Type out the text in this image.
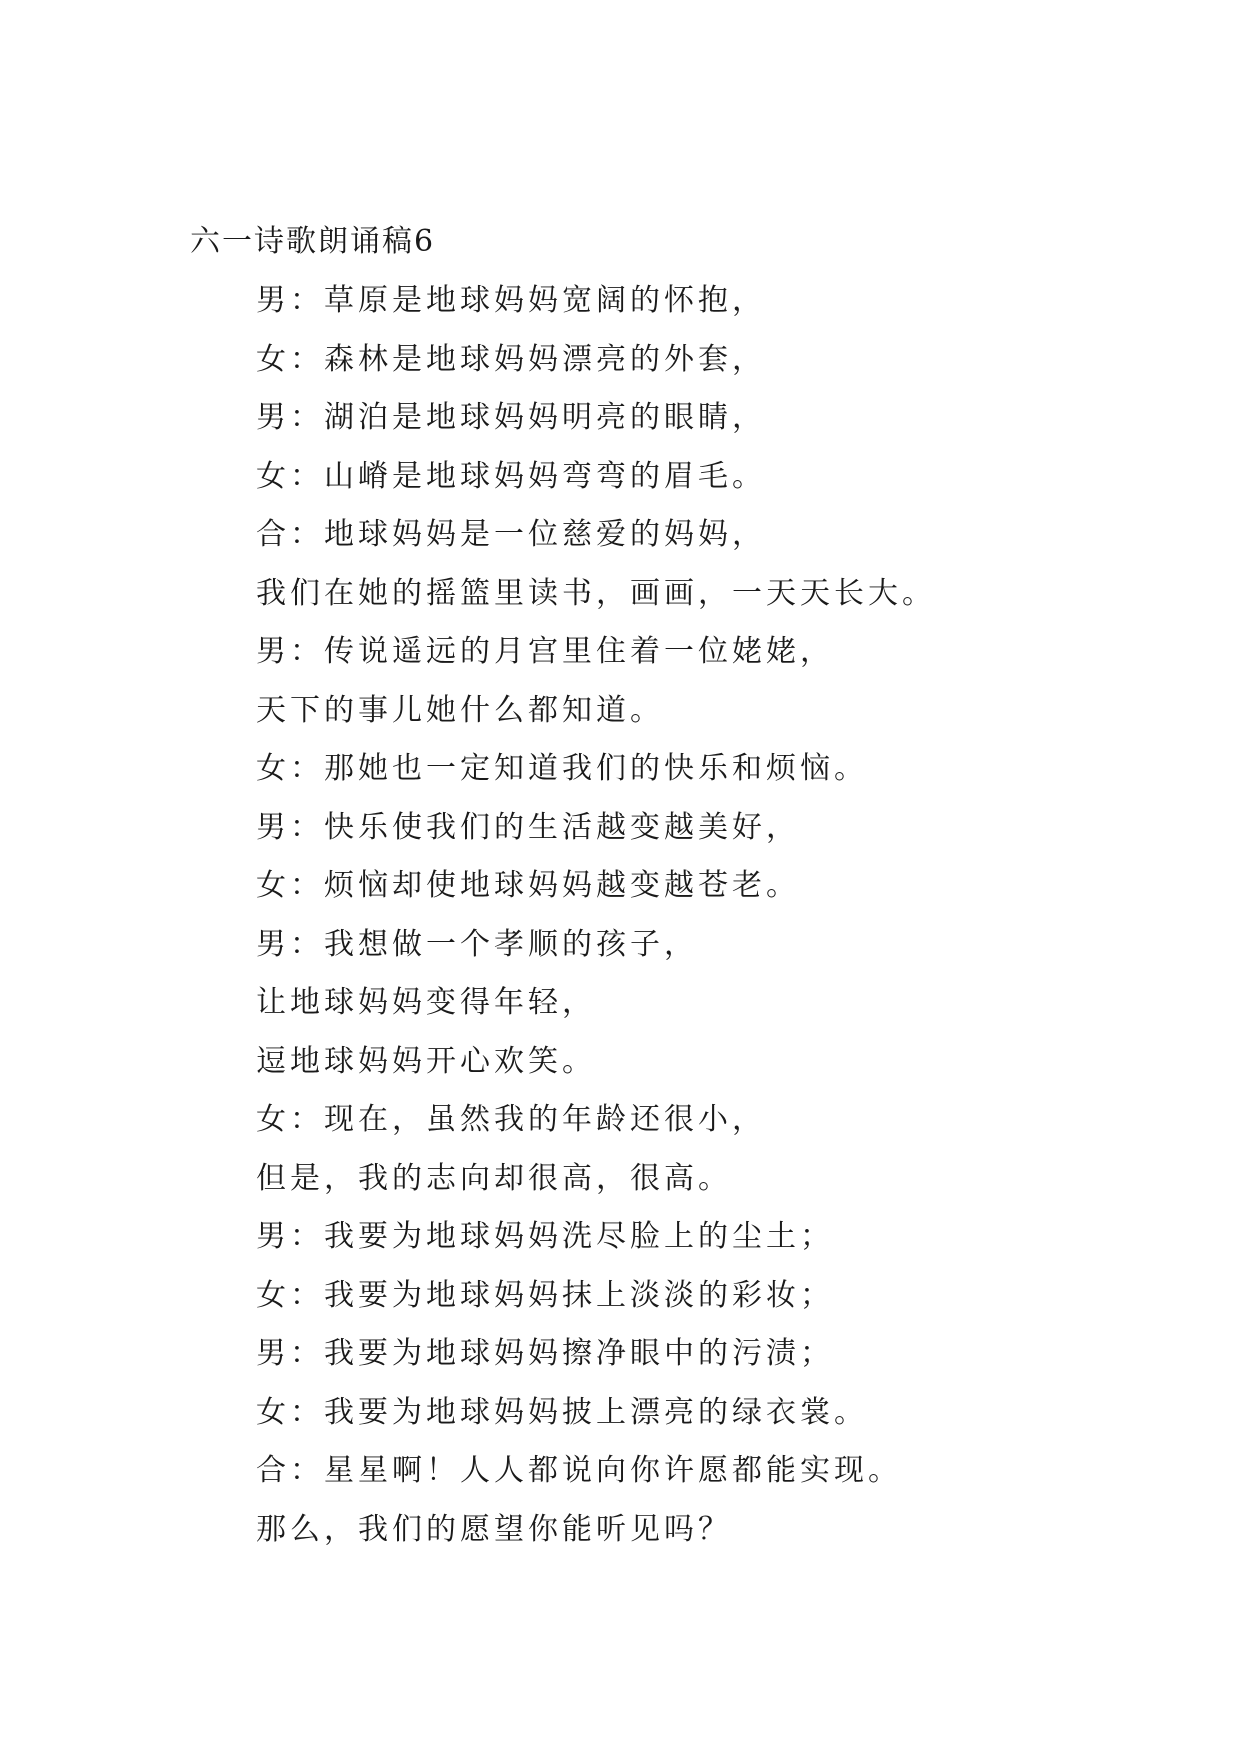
六一诗歌朗诵稿6
男：草原是地球妈妈宽阔的怀抱，
女：森林是地球妈妈漂亮的外套，
男：湖泊是地球妈妈明亮的眼睛，
女：山嵴是地球妈妈弯弯的眉毛。
合：地球妈妈是一位慈爱的妈妈，
我们在她的摇篮里读书，画画，一天天长大。
男：传说遥远的月宫里住着一位姥姥，
天下的事儿她什么都知道。
女：那她也一定知道我们的快乐和烦恼。
男：快乐使我们的生活越变越美好，
女：烦恼却使地球妈妈越变越苍老。
男：我想做一个孝顺的孩子，
让地球妈妈变得年轻，
逗地球妈妈开心欢笑。
女：现在，虽然我的年龄还很小，
但是，我的志向却很高，很高。
男：我要为地球妈妈洗尽脸上的尘土；
女：我要为地球妈妈抹上淡淡的彩妆；
男：我要为地球妈妈擦净眼中的污渍；
女：我要为地球妈妈披上漂亮的绿衣裳。
合：星星啊！人人都说向你许愿都能实现。
那么，我们的愿望你能听见吗？
